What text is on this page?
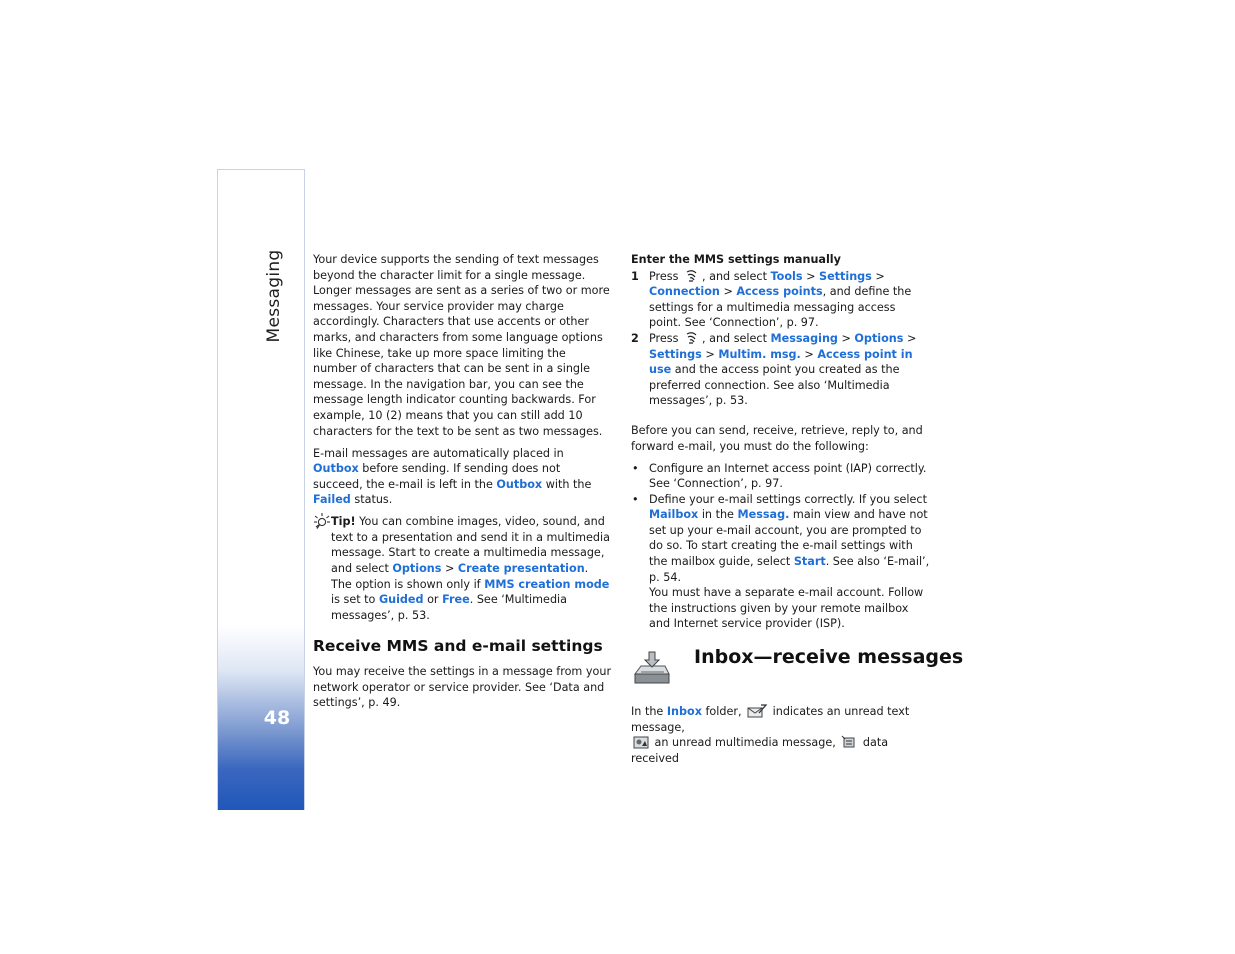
Messaging
48

Your device supports the sending of text messages beyond the character limit for a single message. Longer messages are sent as a series of two or more messages. Your service provider may charge accordingly. Characters that use accents or other marks, and characters from some language options like Chinese, take up more space limiting the number of characters that can be sent in a single message. In the navigation bar, you can see the message length indicator counting backwards. For example, 10 (2) means that you can still add 10 characters for the text to be sent as two messages.

E-mail messages are automatically placed in Outbox before sending. If sending does not succeed, the e-mail is left in the Outbox with the Failed status.

Tip! You can combine images, video, sound, and text to a presentation and send it in a multimedia message. Start to create a multimedia message, and select Options > Create presentation. The option is shown only if MMS creation mode is set to Guided or Free. See ‘Multimedia messages’, p. 53.

Receive MMS and e-mail settings

You may receive the settings in a message from your network operator or service provider. See ‘Data and settings’, p. 49.

Enter the MMS settings manually
1 Press , and select Tools > Settings > Connection > Access points, and define the settings for a multimedia messaging access point. See ‘Connection’, p. 97.
2 Press , and select Messaging > Options > Settings > Multim. msg. > Access point in use and the access point you created as the preferred connection. See also ‘Multimedia messages’, p. 53.

Before you can send, receive, retrieve, reply to, and forward e-mail, you must do the following:

• Configure an Internet access point (IAP) correctly. See ‘Connection’, p. 97.
• Define your e-mail settings correctly. If you select Mailbox in the Messag. main view and have not set up your e-mail account, you are prompted to do so. To start creating the e-mail settings with the mailbox guide, select Start. See also ‘E-mail’, p. 54.
You must have a separate e-mail account. Follow the instructions given by your remote mailbox and Internet service provider (ISP).
Inbox—receive messages

In the Inbox folder,  indicates an unread text message,
an unread multimedia message,  data received
